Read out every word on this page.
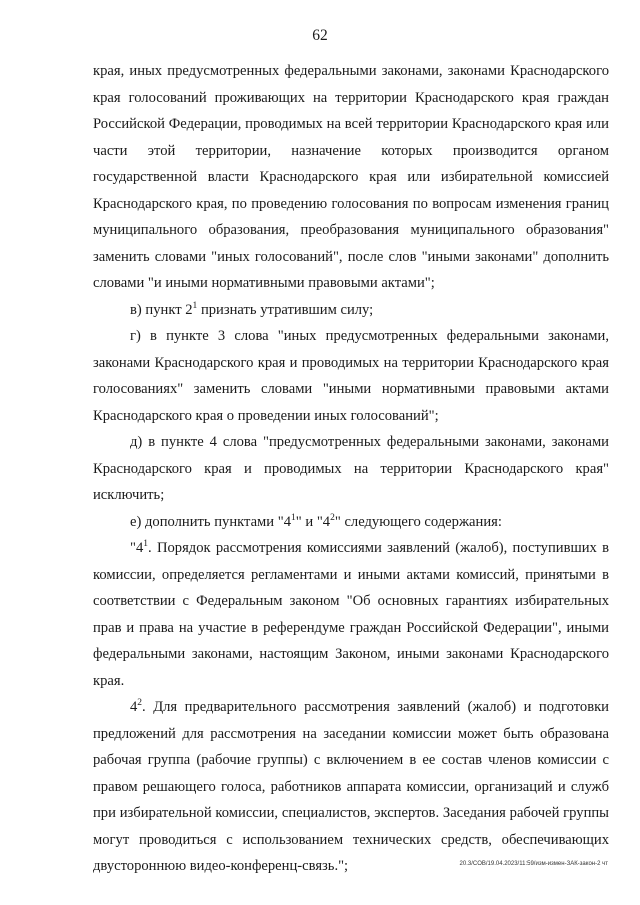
62

края, иных предусмотренных федеральными законами, законами Краснодарского края голосований проживающих на территории Краснодарского края граждан Российской Федерации, проводимых на всей территории Краснодарского края или части этой территории, назначение которых производится органом государственной власти Краснодарского края или избирательной комиссией Краснодарского края, по проведению голосования по вопросам изменения границ муниципального образования, преобразования муниципального образования" заменить словами "иных голосований", после слов "иными законами" дополнить словами "и иными нормативными правовыми актами";

в) пункт $2^1$ признать утратившим силу;

г) в пункте 3 слова "иных предусмотренных федеральными законами, законами Краснодарского края и проводимых на территории Краснодарского края голосованиях" заменить словами "иными нормативными правовыми актами Краснодарского края о проведении иных голосований";

д) в пункте 4 слова "предусмотренных федеральными законами, законами Краснодарского края и проводимых на территории Краснодарского края" исключить;

е) дополнить пунктами "$4^1$" и "$4^2$" следующего содержания:

"$4^1$. Порядок рассмотрения комиссиями заявлений (жалоб), поступивших в комиссии, определяется регламентами и иными актами комиссий, принятыми в соответствии с Федеральным законом "Об основных гарантиях избирательных прав и права на участие в референдуме граждан Российской Федерации", иными федеральными законами, настоящим Законом, иными законами Краснодарского края.

$4^2$. Для предварительного рассмотрения заявлений (жалоб) и подготовки предложений для рассмотрения на заседании комиссии может быть образована рабочая группа (рабочие группы) с включением в ее состав членов комиссии с правом решающего голоса, работников аппарата комиссии, организаций и служб при избирательной комиссии, специалистов, экспертов. Заседания рабочей группы могут проводиться с использованием технических средств, обеспечивающих двустороннюю видео-конференц-связь.";	20.3/COB/19.04.2023/11:59/изм-измен-ЗАК-закон-2 чт
